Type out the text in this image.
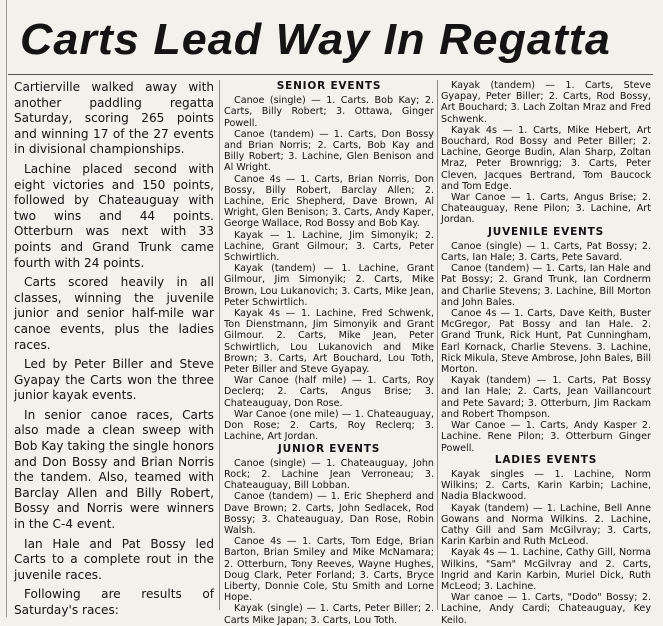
Carts Lead Way In Regatta

Cartierville walked away with another paddling regatta Saturday, scoring 265 points and winning 17 of the 27 events in divisional championships.

Lachine placed second with eight victories and 150 points, followed by Chateauguay with two wins and 44 points. Otterburn was next with 33 points and Grand Trunk came fourth with 24 points.

Carts scored heavily in all classes, winning the juvenile junior and senior half-mile war canoe events, plus the ladies races.

Led by Peter Biller and Steve Gyapay the Carts won the three junior kayak events.

In senior canoe races, Carts also made a clean sweep with Bob Kay taking the single honors and Don Bossy and Brian Norris the tandem. Also, teamed with Barclay Allen and Billy Robert, Bossy and Norris were winners in the C-4 event.

Ian Hale and Pat Bossy led Carts to a complete rout in the juvenile races.

Following are results of Saturday's races:

SENIOR EVENTS

Canoe (single) — 1. Carts. Bob Kay; 2. Carts, Billy Robert; 3. Ottawa, Ginger Powell.

Canoe (tandem) — 1. Carts, Don Bossy and Brian Norris; 2. Carts, Bob Kay and Billy Robert; 3. Lachine, Glen Benison and Al Wright.

Canoe 4s — 1. Carts, Brian Norris, Don Bossy, Billy Robert, Barclay Allen; 2. Lachine, Eric Shepherd, Dave Brown, Al Wright, Glen Benison; 3. Carts, Andy Kaper, George Wallace, Rod Bossy and Bob Kay.

Kayak — 1. Lachine, Jim Simonyik; 2. Lachine, Grant Gilmour; 3. Carts, Peter Schwirtlich.

Kayak (tandem) — 1. Lachine, Grant Gilmour, Jim Simonyik; 2. Carts, Mike Brown, Lou Lukanovich; 3. Carts, Mike Jean, Peter Schwirtlich.

Kayak 4s — 1. Lachine, Fred Schwenk, Ton Dienstmann, Jim Simonyik and Grant Gilmour. 2. Carts, Mike Jean, Peter Schwirtlich, Lou Lukanovich and Mike Brown; 3. Carts, Art Bouchard, Lou Toth, Peter Biller and Steve Gyapay.

War Canoe (half mile) — 1. Carts, Roy Declerq; 2. Carts, Angus Brise; 3. Chateauguay, Don Rose.

War Canoe (one mile) — 1. Chateauguay, Don Rose; 2. Carts, Roy Reclerq; 3. Lachine, Art Jordan.

JUNIOR EVENTS

Canoe (single) — 1. Chateauguay, John Rock; 2. Lachine Jean Verroneau; 3. Chateauguay, Bill Lobban.

Canoe (tandem) — 1. Eric Shepherd and Dave Brown; 2. Carts, John Sedlacek, Rod Bossy; 3. Chateauguay, Dan Rose, Robin Walsh.

Canoe 4s — 1. Carts, Tom Edge, Brian Barton, Brian Smiley and Mike McNamara; 2. Otterburn, Tony Reeves, Wayne Hughes, Doug Clark, Peter Forland; 3. Carts, Bryce Liberty, Donnie Cole, Stu Smith and Lorne Hope.

Kayak (single) — 1. Carts, Peter Biller; 2. Carts Mike Japan; 3. Carts, Lou Toth.

Kayak (tandem) — 1. Carts, Steve Gyapay, Peter Biller; 2. Carts, Rod Bossy, Art Bouchard; 3. Lach Zoltan Mraz and Fred Schwenk.

Kayak 4s — 1. Carts, Mike Hebert, Art Bouchard, Rod Bossy and Peter Biller; 2. Lachine, George Budin, Alan Sharp, Zoltan Mraz, Peter Brownrigg; 3. Carts, Peter Cleven, Jacques Bertrand, Tom Baucock and Tom Edge.

War Canoe — 1. Carts, Angus Brise; 2. Chateauguay, Rene Pilon; 3. Lachine, Art Jordan.

JUVENILE EVENTS

Canoe (single) — 1. Carts, Pat Bossy; 2. Carts, Ian Hale; 3. Carts, Pete Savard.

Canoe (tandem) — 1. Carts, Ian Hale and Pat Bossy; 2. Grand Trunk, Ian Cordnerm and Charlie Stevens; 3. Lachine, Bill Morton and John Bales.

Canoe 4s — 1. Carts, Dave Keith, Buster McGregor, Pat Bossy and Ian Hale. 2. Grand Trunk, Rick Hunt, Pat Cunningham, Earl Kornack, Charlie Stevens. 3. Lachine, Rick Mikula, Steve Ambrose, John Bales, Bill Morton.

Kayak (tandem) — 1. Carts, Pat Bossy and Ian Hale; 2. Carts, Jean Vaillancourt and Pete Savard; 3. Otterburn, Jim Rackam and Robert Thompson.

War Canoe — 1. Carts, Andy Kasper 2. Lachine. Rene Pilon; 3. Otterburn Ginger Powell.

LADIES EVENTS

Kayak singles — 1. Lachine, Norm Wilkins; 2. Carts, Karin Karbin; Lachine, Nadia Blackwood.

Kayak (tandem) — 1. Lachine, Bell Anne Gowans and Norma Wilkins. 2. Lachine, Cathy Gill and Sam McGilvray; 3. Carts, Karin Karbin and Ruth McLeod.

Kayak 4s — 1. Lachine, Cathy Gill, Norma Wilkins, "Sam" McGilvray and 2. Carts, Ingrid and Karin Karbin, Muriel Dick, Ruth McLeod; 3. Lachine.

War canoe — 1. Carts, "Dodo" Bossy; 2. Lachine, Andy Cardi; Chateauguay, Key Keilo.
